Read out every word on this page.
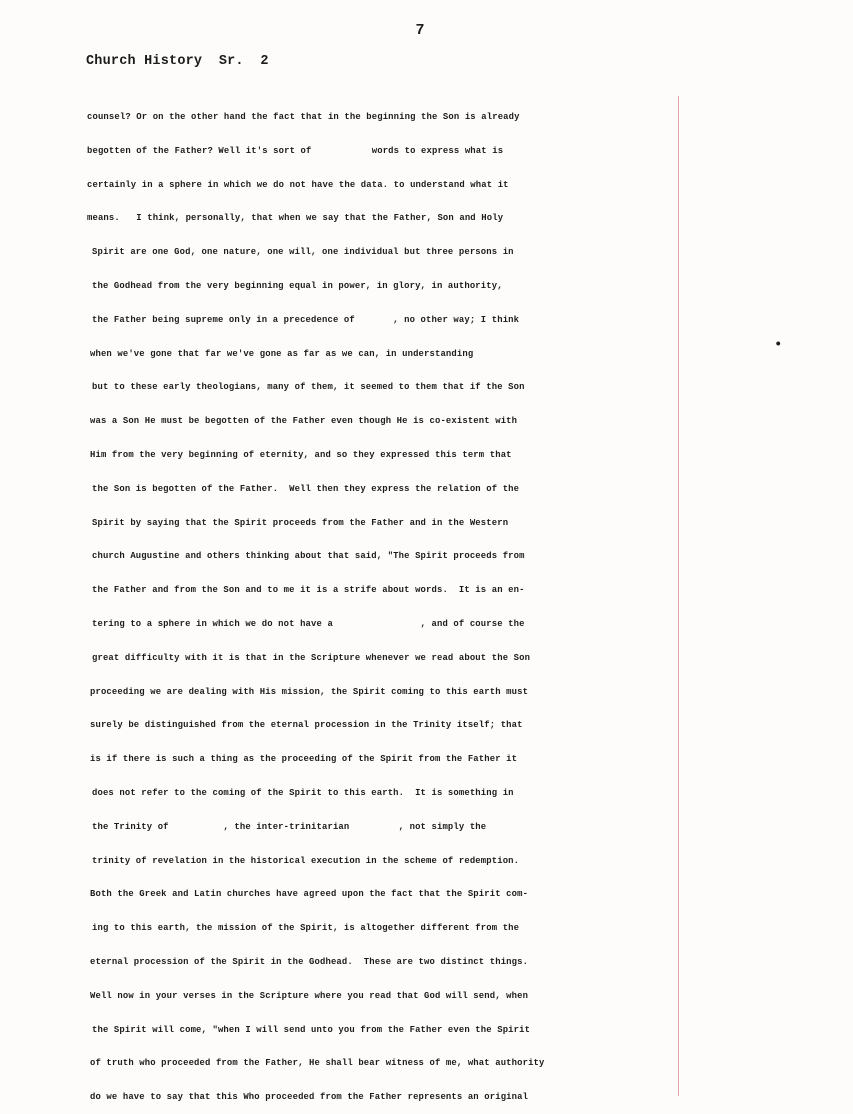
7
Church History  Sr.  2
•
counsel? Or on the other hand the fact that in the beginning the Son is already
begotten of the Father? Well it's sort of           words to express what is
certainly in a sphere in which we do not have the data. to understand what it
means.   I think, personally, that when we say that the Father, Son and Holy
Spirit are one God, one nature, one will, one individual but three persons in
the Godhead from the very beginning equal in power, in glory, in authority,
the Father being supreme only in a precedence of       , no other way; I think
when we've gone that far we've gone as far as we can, in understanding
but to these early theologians, many of them, it seemed to them that if the Son
was a Son He must be begotten of the Father even though He is co-existent with
Him from the very beginning of eternity, and so they expressed this term that
the Son is begotten of the Father.  Well then they express the relation of the
Spirit by saying that the Spirit proceeds from the Father and in the Western
church Augustine and others thinking about that said, "The Spirit proceeds from
the Father and from the Son and to me it is a strife about words.  It is an en-
tering to a sphere in which we do not have a                , and of course the
great difficulty with it is that in the Scripture whenever we read about the Son
proceeding we are dealing with His mission, the Spirit coming to this earth must
surely be distinguished from the eternal procession in the Trinity itself; that
is if there is such a thing as the proceeding of the Spirit from the Father it
does not refer to the coming of the Spirit to this earth.  It is something in
the Trinity of          , the inter-trinitarian         , not simply the
trinity of revelation in the historical execution in the scheme of redemption.
Both the Greek and Latin churches have agreed upon the fact that the Spirit com-
ing to this earth, the mission of the Spirit, is altogether different from the
eternal procession of the Spirit in the Godhead.  These are two distinct things.
Well now in your verses in the Scripture where you read that God will send, when
the Spirit will come, "when I will send unto you from the Father even the Spirit
of truth who proceeded from the Father, He shall bear witness of me, what authority
do we have to say that this Who proceeded from the Father represents an original
